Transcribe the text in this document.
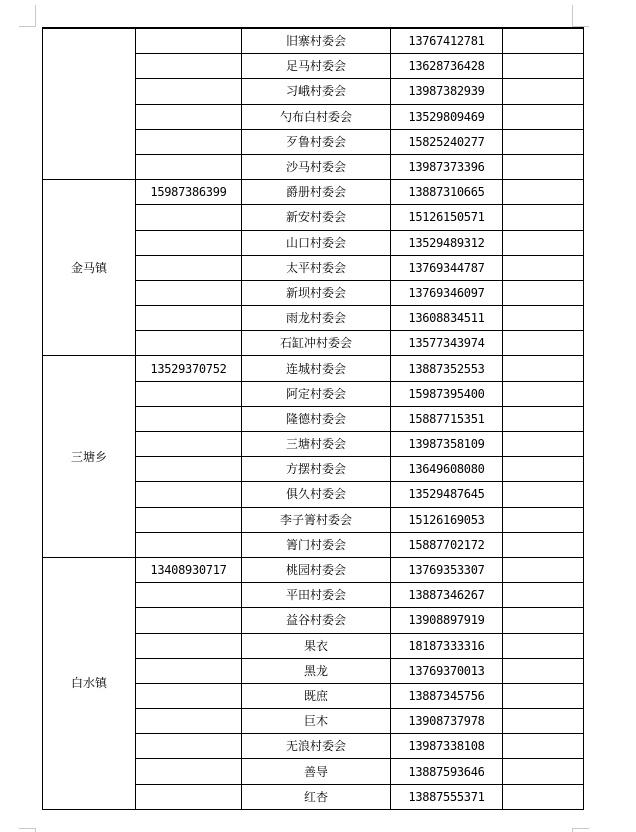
		旧寨村委会	13767412781	
		足马村委会	13628736428	
		习峨村委会	13987382939	
		勺布白村委会	13529809469	
		歹鲁村委会	15825240277	
		沙马村委会	13987373396	
金马镇	15987386399	爵册村委会	13887310665	
		新安村委会	15126150571	
		山口村委会	13529489312	
		太平村委会	13769344787	
		新坝村委会	13769346097	
		雨龙村委会	13608834511	
		石缸冲村委会	13577343974	
三塘乡	13529370752	连城村委会	13887352553	
		阿定村委会	15987395400	
		隆德村委会	15887715351	
		三塘村委会	13987358109	
		方摆村委会	13649608080	
		俱久村委会	13529487645	
		李子箐村委会	15126169053	
		箐门村委会	15887702172	
白水镇	13408930717	桃园村委会	13769353307	
		平田村委会	13887346267	
		益谷村委会	13908897919	
		果衣	18187333316	
		黑龙	13769370013	
		既庶	13887345756	
		巨木	13908737978	
		无浪村委会	13987338108	
		善导	13887593646	
		红杏	13887555371	
